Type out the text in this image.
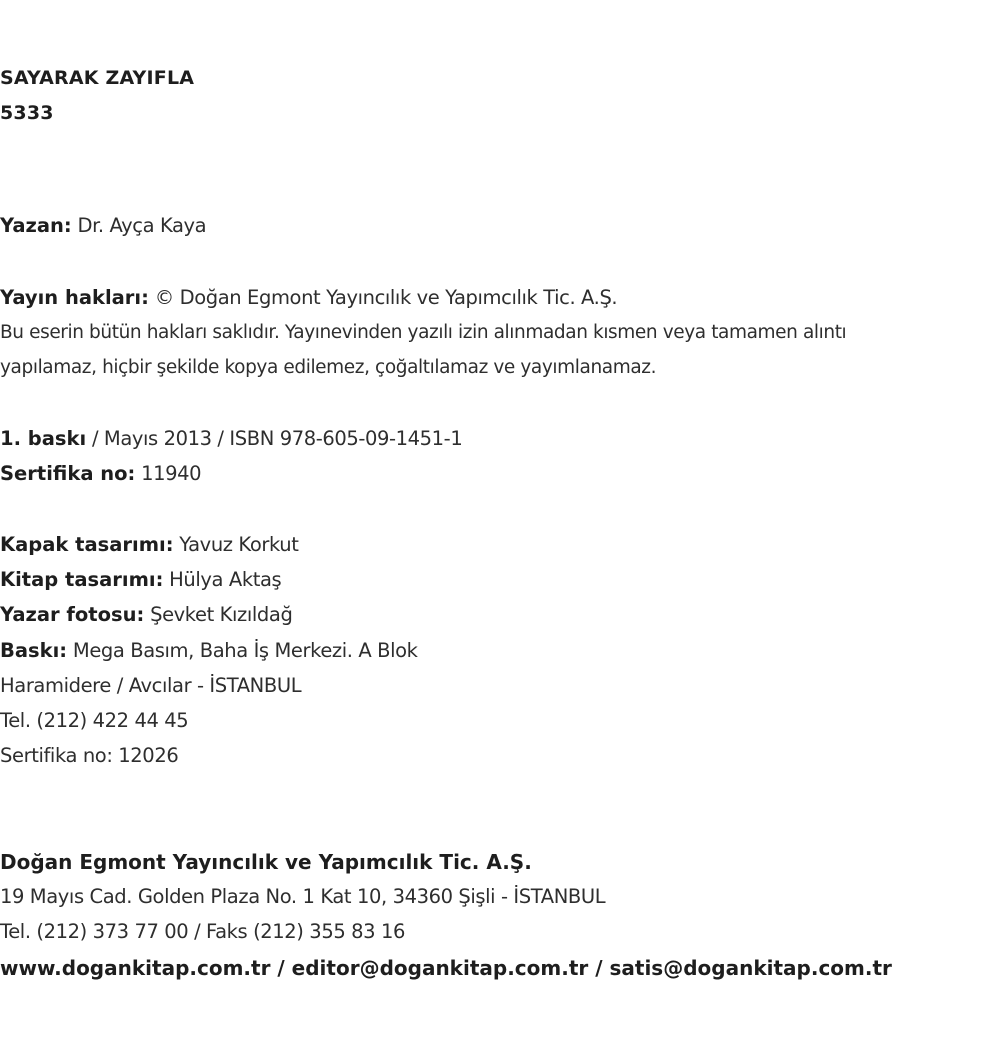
SAYARAK ZAYIFLA
5333
Yazan: Dr. Ayça Kaya
Yayın hakları: © Doğan Egmont Yayıncılık ve Yapımcılık Tic. A.Ş.
Bu eserin bütün hakları saklıdır. Yayınevinden yazılı izin alınmadan kısmen veya tamamen alıntı
yapılamaz, hiçbir şekilde kopya edilemez, çoğaltılamaz ve yayımlanamaz.
1. baskı / Mayıs 2013 / ISBN 978-605-09-1451-1
Sertifika no: 11940
Kapak tasarımı: Yavuz Korkut
Kitap tasarımı: Hülya Aktaş
Yazar fotosu: Şevket Kızıldağ
Baskı: Mega Basım, Baha İş Merkezi. A Blok
Haramidere / Avcılar - İSTANBUL
Tel. (212) 422 44 45
Sertifika no: 12026
Doğan Egmont Yayıncılık ve Yapımcılık Tic. A.Ş.
19 Mayıs Cad. Golden Plaza No. 1 Kat 10, 34360 Şişli - İSTANBUL
Tel. (212) 373 77 00 / Faks (212) 355 83 16
www.dogankitap.com.tr / editor@dogankitap.com.tr / satis@dogankitap.com.tr
